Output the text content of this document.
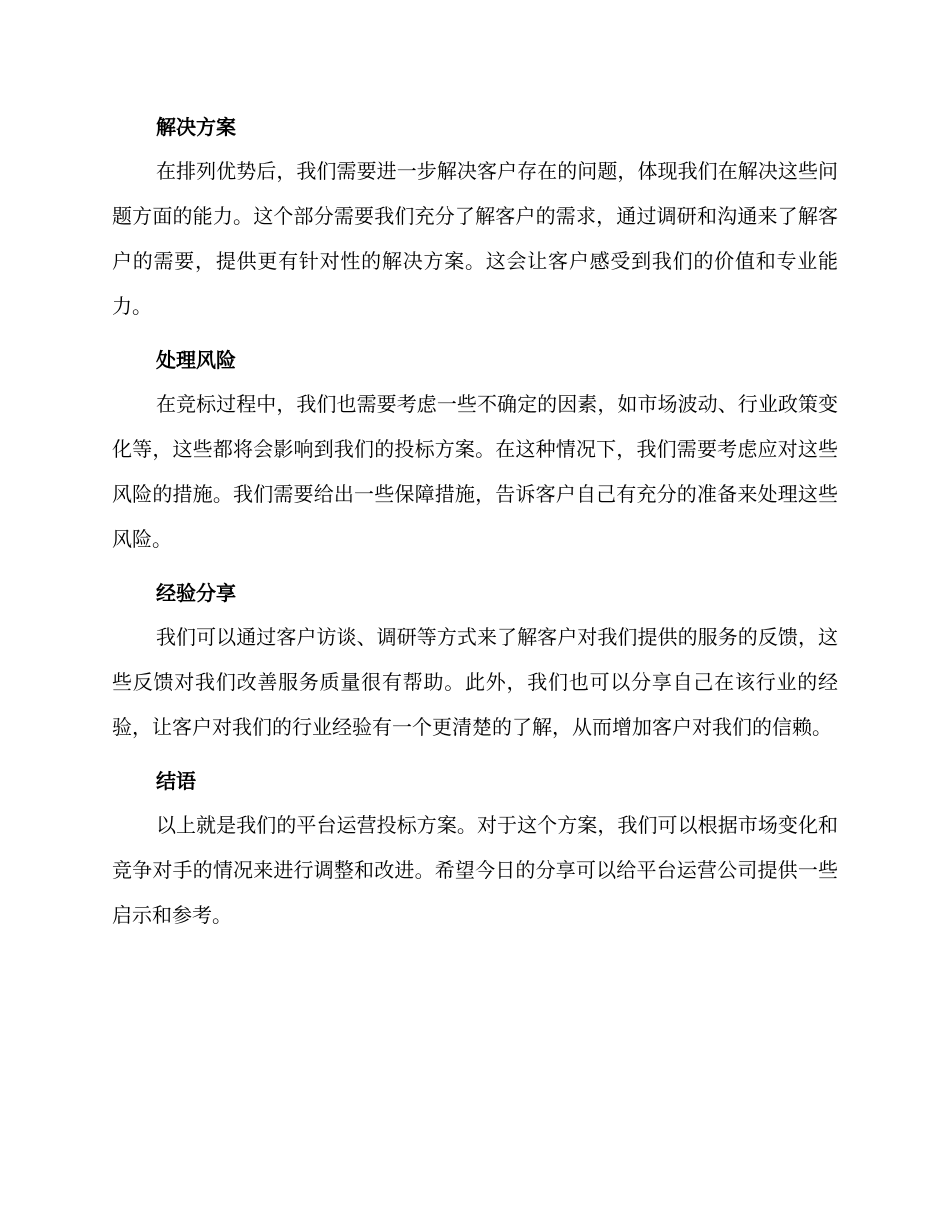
解决方案

在排列优势后，我们需要进一步解决客户存在的问题，体现我们在解决这些问题方面的能力。这个部分需要我们充分了解客户的需求，通过调研和沟通来了解客户的需要，提供更有针对性的解决方案。这会让客户感受到我们的价值和专业能力。

处理风险

在竞标过程中，我们也需要考虑一些不确定的因素，如市场波动、行业政策变化等，这些都将会影响到我们的投标方案。在这种情况下，我们需要考虑应对这些风险的措施。我们需要给出一些保障措施，告诉客户自己有充分的准备来处理这些风险。

经验分享

我们可以通过客户访谈、调研等方式来了解客户对我们提供的服务的反馈，这些反馈对我们改善服务质量很有帮助。此外，我们也可以分享自己在该行业的经验，让客户对我们的行业经验有一个更清楚的了解，从而增加客户对我们的信赖。

结语

以上就是我们的平台运营投标方案。对于这个方案，我们可以根据市场变化和竞争对手的情况来进行调整和改进。希望今日的分享可以给平台运营公司提供一些启示和参考。
